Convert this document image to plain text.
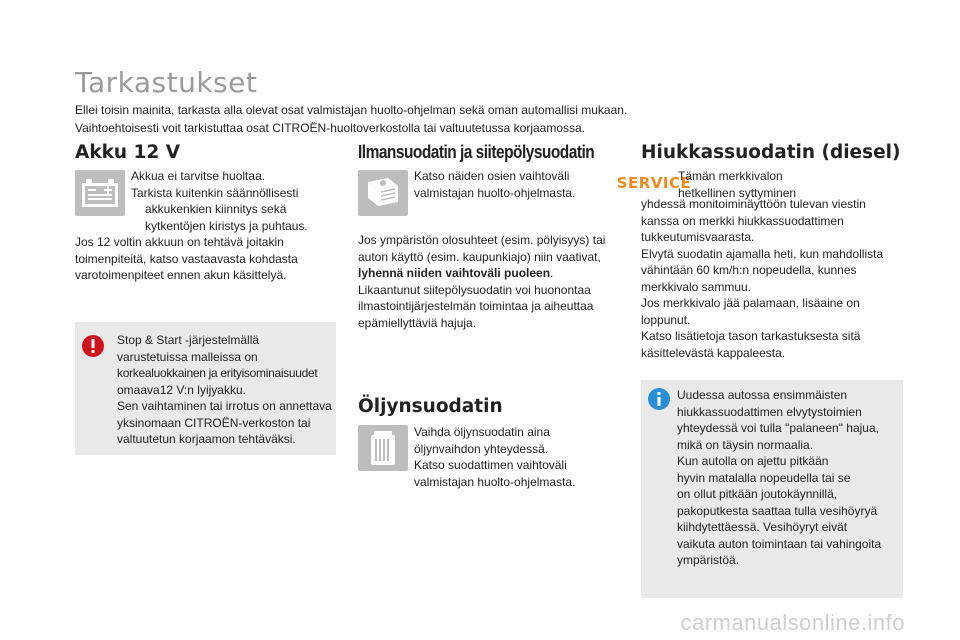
Tarkastukset

Ellei toisin mainita, tarkasta alla olevat osat valmistajan huolto-ohjelman sekä oman automallisi mukaan.

Vaihtoehtoisesti voit tarkistuttaa osat CITROËN-huoltoverkostolla tai valtuutetussa korjaamossa.

Akku 12 V

Akkua ei tarvitse huoltaa.

Tarkista kuitenkin säännöllisesti

akkukenkien kiinnitys sekä

kytkentöjen kiristys ja puhtaus.

Jos 12 voltin akkuun on tehtävä joitakin

toimenpiteitä, katso vastaavasta kohdasta

varotoimenpiteet ennen akun käsittelyä.

Stop & Start -järjestelmällä

varustetuissa malleissa on

korkealuokkainen ja erityisominaisuudet

omaava12 V:n lyijyakku.

Sen vaihtaminen tai irrotus on annettava

yksinomaan CITROËN-verkoston tai

valtuutetun korjaamon tehtäväksi.

Ilmansuodatin ja siitepölysuodatin

Katso näiden osien vaihtoväli

valmistajan huolto-ohjelmasta.

Jos ympäristön olosuhteet (esim. pölyisyys) tai

auton käyttö (esim. kaupunkiajo) niin vaativat,

lyhennä niiden vaihtoväli puoleen.

Likaantunut siitepölysuodatin voi huonontaa

ilmastointijärjestelmän toimintaa ja aiheuttaa

epämiellyttäviä hajuja.

Öljynsuodatin

Vaihda öljynsuodatin aina

öljynvaihdon yhteydessä.

Katso suodattimen vaihtoväli

valmistajan huolto-ohjelmasta.

Hiukkassuodatin (diesel)
SERVICE

Tämän merkkivalon

hetkellinen syttyminen

yhdessä monitoiminäyttöön tulevan viestin

kanssa on merkki hiukkassuodattimen

tukkeutumisvaarasta.

Elvytä suodatin ajamalla heti, kun mahdollista

vähintään 60 km/h:n nopeudella, kunnes

merkkivalo sammuu.

Jos merkkivalo jää palamaan, lisäaine on

loppunut.

Katso lisätietoja tason tarkastuksesta sitä

käsittelevästä kappaleesta.

Uudessa autossa ensimmäisten

hiukkassuodattimen elvytystoimien

yhteydessä voi tulla "palaneen" hajua,

mikä on täysin normaalia.

Kun autolla on ajettu pitkään

hyvin matalalla nopeudella tai se

on ollut pitkään joutokäynnillä,

pakoputkesta saattaa tulla vesihöyryä

kiihdytettäessä. Vesihöyryt eivät

vaikuta auton toimintaan tai vahingoita

ympäristöä.

carmanualsonline.info
